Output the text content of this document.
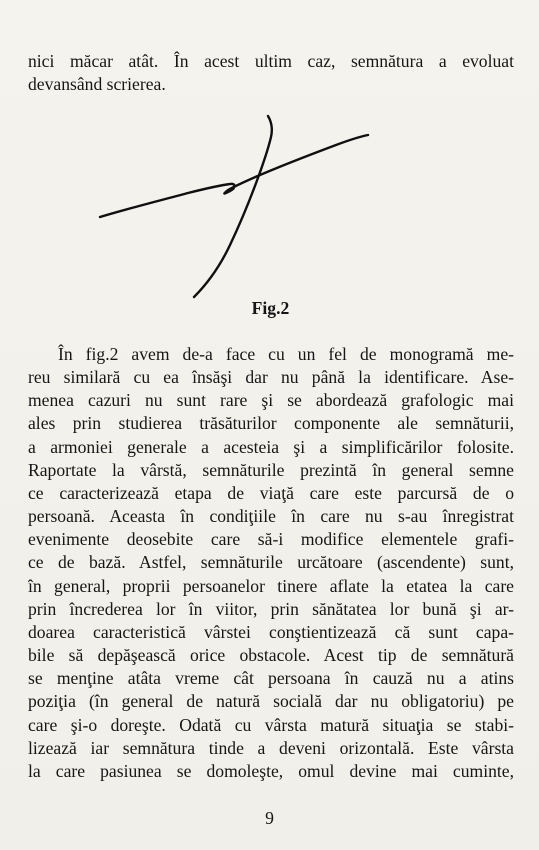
nici măcar atât. În acest ultim caz, semnătura a evoluat
devansând scrierea.
Fig.2
În fig.2 avem de-a face cu un fel de monogramă me-
reu similară cu ea însăşi dar nu până la identificare. Ase-
menea cazuri nu sunt rare şi se abordează grafologic mai
ales prin studierea trăsăturilor componente ale semnăturii,
a armoniei generale a acesteia şi a simplificărilor folosite.
Raportate la vârstă, semnăturile prezintă în general semne
ce caracterizează etapa de viaţă care este parcursă de o
persoană. Aceasta în condiţiile în care nu s-au înregistrat
evenimente deosebite care să-i modifice elementele grafi-
ce de bază. Astfel, semnăturile urcătoare (ascendente) sunt,
în general, proprii persoanelor tinere aflate la etatea la care
prin încrederea lor în viitor, prin sănătatea lor bună şi ar-
doarea caracteristică vârstei conştientizează că sunt capa-
bile să depăşească orice obstacole. Acest tip de semnătură
se menţine atâta vreme cât persoana în cauză nu a atins
poziţia (în general de natură socială dar nu obligatoriu) pe
care şi-o doreşte. Odată cu vârsta matură situaţia se stabi-
lizează iar semnătura tinde a deveni orizontală. Este vârsta
la care pasiunea se domoleşte, omul devine mai cuminte,
9
